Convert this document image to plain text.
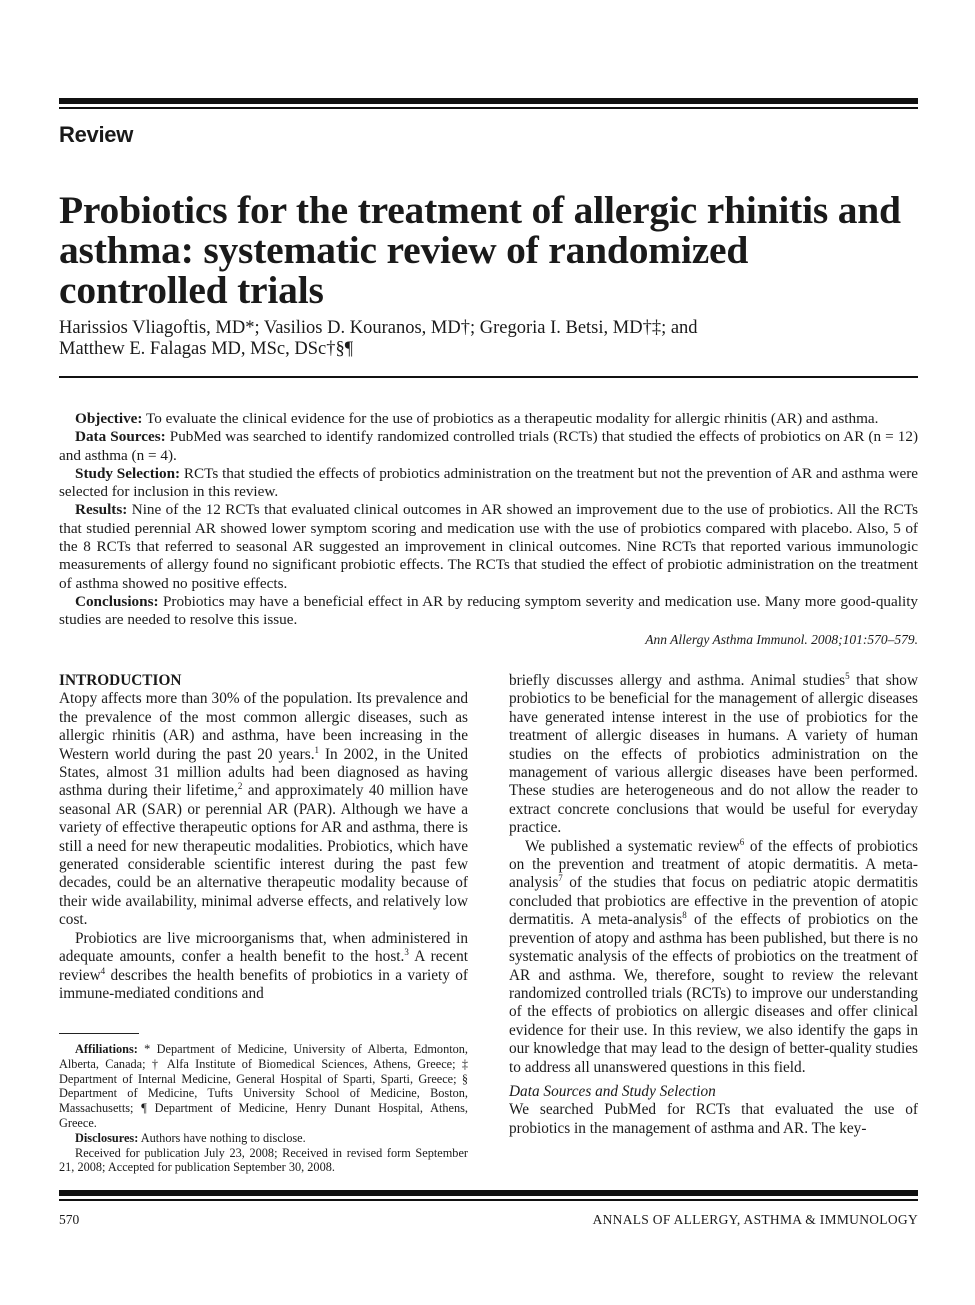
Review
Probiotics for the treatment of allergic rhinitis and asthma: systematic review of randomized controlled trials
Harissios Vliagoftis, MD*; Vasilios D. Kouranos, MD†; Gregoria I. Betsi, MD†‡; and
Matthew E. Falagas MD, MSc, DSc†§¶

Objective: To evaluate the clinical evidence for the use of probiotics as a therapeutic modality for allergic rhinitis (AR) and asthma.

Data Sources: PubMed was searched to identify randomized controlled trials (RCTs) that studied the effects of probiotics on AR (n = 12) and asthma (n = 4).

Study Selection: RCTs that studied the effects of probiotics administration on the treatment but not the prevention of AR and asthma were selected for inclusion in this review.

Results: Nine of the 12 RCTs that evaluated clinical outcomes in AR showed an improvement due to the use of probiotics. All the RCTs that studied perennial AR showed lower symptom scoring and medication use with the use of probiotics compared with placebo. Also, 5 of the 8 RCTs that referred to seasonal AR suggested an improvement in clinical outcomes. Nine RCTs that reported various immunologic measurements of allergy found no significant probiotic effects. The RCTs that studied the effect of probiotic administration on the treatment of asthma showed no positive effects.

Conclusions: Probiotics may have a beneficial effect in AR by reducing symptom severity and medication use. Many more good-quality studies are needed to resolve this issue.

Ann Allergy Asthma Immunol. 2008;101:570–579.

INTRODUCTION

Atopy affects more than 30% of the population. Its prevalence and the prevalence of the most common allergic diseases, such as allergic rhinitis (AR) and asthma, have been increasing in the Western world during the past 20 years.$^1$ In 2002, in the United States, almost 31 million adults had been diagnosed as having asthma during their lifetime,$^2$ and approximately 40 million have seasonal AR (SAR) or perennial AR (PAR). Although we have a variety of effective therapeutic options for AR and asthma, there is still a need for new therapeutic modalities. Probiotics, which have generated considerable scientific interest during the past few decades, could be an alternative therapeutic modality because of their wide availability, minimal adverse effects, and relatively low cost.

Probiotics are live microorganisms that, when administered in adequate amounts, confer a health benefit to the host.$^3$ A recent review$^4$ describes the health benefits of probiotics in a variety of immune-mediated conditions and

Affiliations: * Department of Medicine, University of Alberta, Edmonton, Alberta, Canada; † Alfa Institute of Biomedical Sciences, Athens, Greece; ‡ Department of Internal Medicine, General Hospital of Sparti, Sparti, Greece; § Department of Medicine, Tufts University School of Medicine, Boston, Massachusetts; ¶ Department of Medicine, Henry Dunant Hospital, Athens, Greece.

Disclosures: Authors have nothing to disclose.

Received for publication July 23, 2008; Received in revised form September 21, 2008; Accepted for publication September 30, 2008.

briefly discusses allergy and asthma. Animal studies$^5$ that show probiotics to be beneficial for the management of allergic diseases have generated intense interest in the use of probiotics for the treatment of allergic diseases in humans. A variety of human studies on the effects of probiotics administration on the management of various allergic diseases have been performed. These studies are heterogeneous and do not allow the reader to extract concrete conclusions that would be useful for everyday practice.

We published a systematic review$^6$ of the effects of probiotics on the prevention and treatment of atopic dermatitis. A meta-analysis$^7$ of the studies that focus on pediatric atopic dermatitis concluded that probiotics are effective in the prevention of atopic dermatitis. A meta-analysis$^8$ of the effects of probiotics on the prevention of atopy and asthma has been published, but there is no systematic analysis of the effects of probiotics on the treatment of AR and asthma. We, therefore, sought to review the relevant randomized controlled trials (RCTs) to improve our understanding of the effects of probiotics on allergic diseases and offer clinical evidence for their use. In this review, we also identify the gaps in our knowledge that may lead to the design of better-quality studies to address all unanswered questions in this field.

Data Sources and Study Selection

We searched PubMed for RCTs that evaluated the use of probiotics in the management of asthma and AR. The key-

570	ANNALS OF ALLERGY, ASTHMA & IMMUNOLOGY
